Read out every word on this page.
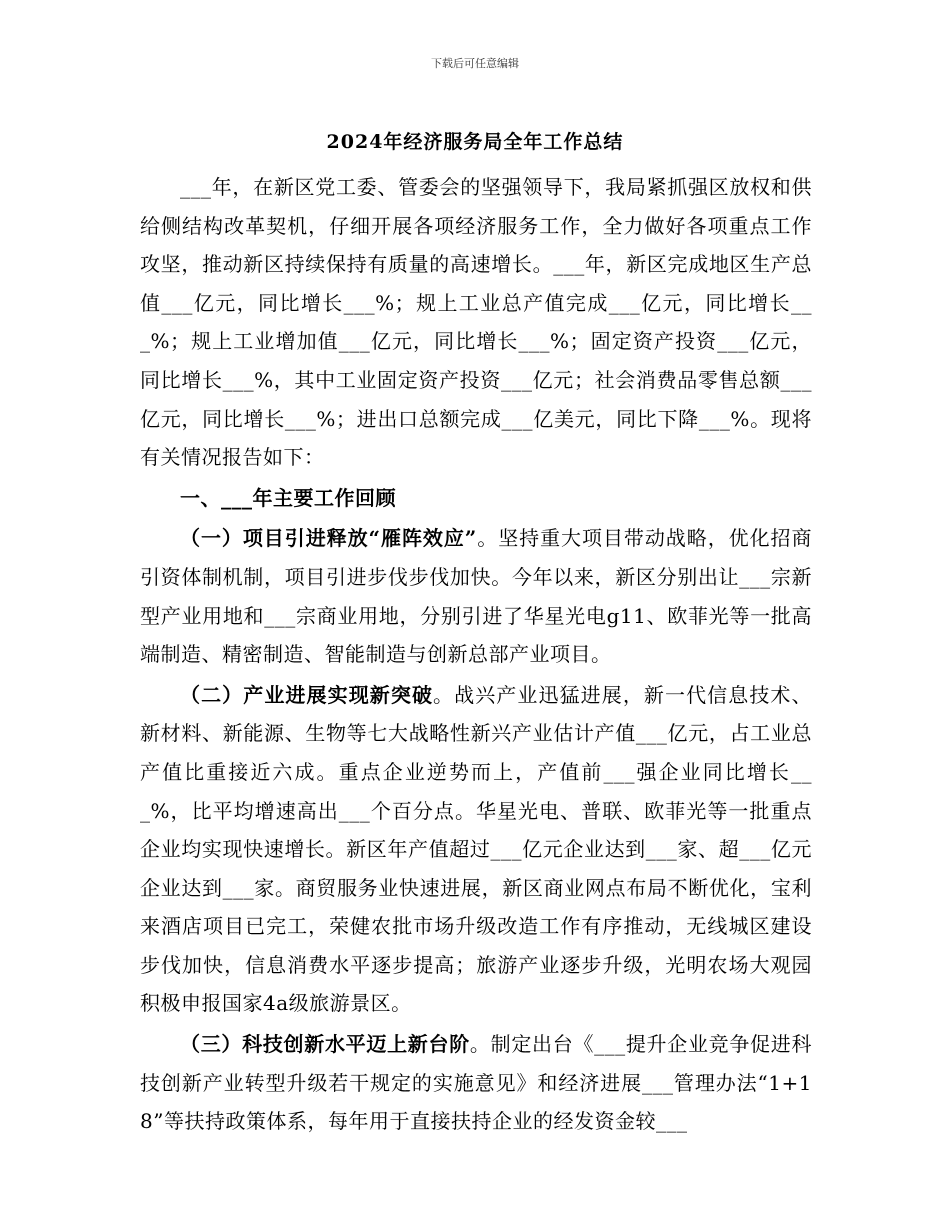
下载后可任意编辑
2024年经济服务局全年工作总结

___年，在新区党工委、管委会的坚强领导下，我局紧抓强区放权和供给侧结构改革契机，仔细开展各项经济服务工作，全力做好各项重点工作攻坚，推动新区持续保持有质量的高速增长。___年，新区完成地区生产总值___亿元，同比增长___%；规上工业总产值完成___亿元，同比增长___%；规上工业增加值___亿元，同比增长___%；固定资产投资___亿元，同比增长___%，其中工业固定资产投资___亿元；社会消费品零售总额___亿元，同比增长___%；进出口总额完成___亿美元，同比下降___%。现将有关情况报告如下：

一、___年主要工作回顾

（一）项目引进释放“雁阵效应”。坚持重大项目带动战略，优化招商引资体制机制，项目引进步伐步伐加快。今年以来，新区分别出让___宗新型产业用地和___宗商业用地，分别引进了华星光电g11、欧菲光等一批高端制造、精密制造、智能制造与创新总部产业项目。

（二）产业进展实现新突破。战兴产业迅猛进展，新一代信息技术、新材料、新能源、生物等七大战略性新兴产业估计产值___亿元，占工业总产值比重接近六成。重点企业逆势而上，产值前___强企业同比增长___%，比平均增速高出___个百分点。华星光电、普联、欧菲光等一批重点企业均实现快速增长。新区年产值超过___亿元企业达到___家、超___亿元企业达到___家。商贸服务业快速进展，新区商业网点布局不断优化，宝利来酒店项目已完工，荣健农批市场升级改造工作有序推动，无线城区建设步伐加快，信息消费水平逐步提高；旅游产业逐步升级，光明农场大观园积极申报国家4a级旅游景区。

（三）科技创新水平迈上新台阶。制定出台《___提升企业竞争促进科技创新产业转型升级若干规定的实施意见》和经济进展___管理办法“1+18”等扶持政策体系，每年用于直接扶持企业的经发资金较___
